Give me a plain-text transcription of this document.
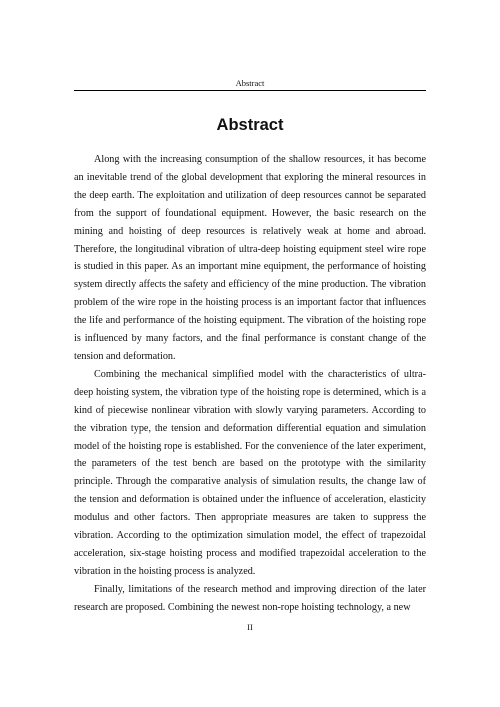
Abstract
Abstract

Along with the increasing consumption of the shallow resources, it has become an inevitable trend of the global development that exploring the mineral resources in the deep earth. The exploitation and utilization of deep resources cannot be separated from the support of foundational equipment. However, the basic research on the mining and hoisting of deep resources is relatively weak at home and abroad. Therefore, the longitudinal vibration of ultra-deep hoisting equipment steel wire rope is studied in this paper. As an important mine equipment, the performance of hoisting system directly affects the safety and efficiency of the mine production. The vibration problem of the wire rope in the hoisting process is an important factor that influences the life and performance of the hoisting equipment. The vibration of the hoisting rope is influenced by many factors, and the final performance is constant change of the tension and deformation.

Combining the mechanical simplified model with the characteristics of ultra-deep hoisting system, the vibration type of the hoisting rope is determined, which is a kind of piecewise nonlinear vibration with slowly varying parameters. According to the vibration type, the tension and deformation differential equation and simulation model of the hoisting rope is established. For the convenience of the later experiment, the parameters of the test bench are based on the prototype with the similarity principle. Through the comparative analysis of simulation results, the change law of the tension and deformation is obtained under the influence of acceleration, elasticity modulus and other factors. Then appropriate measures are taken to suppress the vibration. According to the optimization simulation model, the effect of trapezoidal acceleration, six-stage hoisting process and modified trapezoidal acceleration to the vibration in the hoisting process is analyzed.

Finally, limitations of the research method and improving direction of the later research are proposed. Combining the newest non-rope hoisting technology, a new

II
